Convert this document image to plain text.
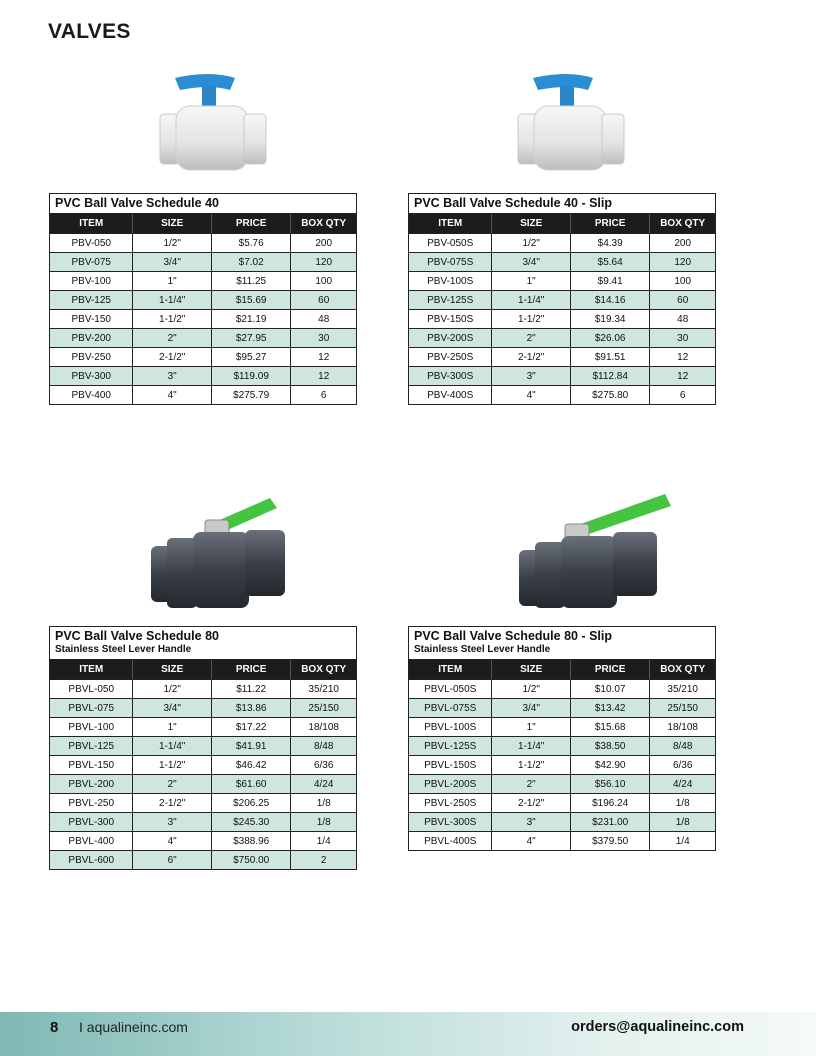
VALVES
PVC Ball Valve Schedule 40
ITEM	SIZE	PRICE	BOX QTY
PBV-050	1/2"	$5.76	200
PBV-075	3/4"	$7.02	120
PBV-100	1"	$11.25	100
PBV-125	1-1/4"	$15.69	60
PBV-150	1-1/2"	$21.19	48
PBV-200	2"	$27.95	30
PBV-250	2-1/2"	$95.27	12
PBV-300	3"	$119.09	12
PBV-400	4"	$275.79	6
PVC Ball Valve Schedule 40 - Slip
ITEM	SIZE	PRICE	BOX QTY
PBV-050S	1/2"	$4.39	200
PBV-075S	3/4"	$5.64	120
PBV-100S	1"	$9.41	100
PBV-125S	1-1/4"	$14.16	60
PBV-150S	1-1/2"	$19.34	48
PBV-200S	2"	$26.06	30
PBV-250S	2-1/2"	$91.51	12
PBV-300S	3"	$112.84	12
PBV-400S	4"	$275.80	6
PVC Ball Valve Schedule 80
Stainless Steel Lever Handle
ITEM	SIZE	PRICE	BOX QTY
PBVL-050	1/2"	$11.22	35/210
PBVL-075	3/4"	$13.86	25/150
PBVL-100	1"	$17.22	18/108
PBVL-125	1-1/4"	$41.91	8/48
PBVL-150	1-1/2"	$46.42	6/36
PBVL-200	2"	$61.60	4/24
PBVL-250	2-1/2"	$206.25	1/8
PBVL-300	3"	$245.30	1/8
PBVL-400	4"	$388.96	1/4
PBVL-600	6"	$750.00	2
PVC Ball Valve Schedule 80 - Slip
Stainless Steel Lever Handle
ITEM	SIZE	PRICE	BOX QTY
PBVL-050S	1/2"	$10.07	35/210
PBVL-075S	3/4"	$13.42	25/150
PBVL-100S	1"	$15.68	18/108
PBVL-125S	1-1/4"	$38.50	8/48
PBVL-150S	1-1/2"	$42.90	6/36
PBVL-200S	2"	$56.10	4/24
PBVL-250S	2-1/2"	$196.24	1/8
PBVL-300S	3"	$231.00	1/8
PBVL-400S	4"	$379.50	1/4
8 I aqualineinc.com	orders@aqualineinc.com
